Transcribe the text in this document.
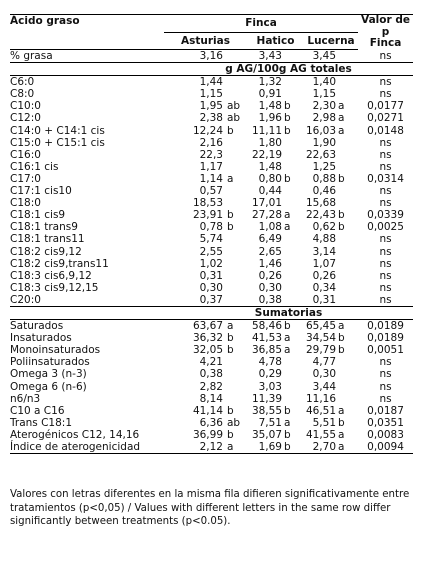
Ácido graso	Finca			Valor de
p
Finca

	Asturias	Hatico	Lucerna	
% grasa	3,16	3,43	3,45	ns
	g AG/100g AG totales			
C6:0	1,44	1,32	1,40	ns
C8:0	1,15	0,91	1,15	ns
C10:0	1,95 ab	1,48 b	2,30 a	0,0177
C12:0	2,38 ab	1,96 b	2,98 a	0,0271
C14:0 + C14:1 cis	12,24 b	11,11 b	16,03 a	0,0148
C15:0 + C15:1 cis	2,16	1,80	1,90	ns
C16:0	22,3	22,19	22,63	ns
C16:1 cis	1,17	1,48	1,25	ns
C17:0	1,14 a	0,80 b	0,88 b	0,0314
C17:1 cis10	0,57	0,44	0,46	ns
C18:0	18,53	17,01	15,68	ns
C18:1 cis9	23,91 b	27,28 a	22,43 b	0,0339
C18:1 trans9	0,78 b	1,08 a	0,62 b	0,0025
C18:1 trans11	5,74	6,49	4,88	ns
C18:2 cis9,12	2,55	2,65	3,14	ns
C18:2 cis9,trans11	1,02	1,46	1,07	ns
C18:3 cis6,9,12	0,31	0,26	0,26	ns
C18:3 cis9,12,15	0,30	0,30	0,34	ns
C20:0	0,37	0,38	0,31	ns
	Sumatorias			
Saturados	63,67 a	58,46 b	65,45 a	0,0189
Insaturados	36,32 b	41,53 a	34,54 b	0,0189
Monoinsaturados	32,05 b	36,85 a	29,79 b	0,0051
Poliinsaturados	4,21	4,78	4,77	ns
Omega 3 (n-3)	0,38	0,29	0,30	ns
Omega 6 (n-6)	2,82	3,03	3,44	ns
n6/n3	8,14	11,39	11,16	ns
C10 a C16	41,14 b	38,55 b	46,51 a	0,0187
Trans C18:1	6,36 ab	7,51 a	5,51 b	0,0351
Aterogénicos C12, 14,16	36,99 b	35,07 b	41,55 a	0,0083
Índice de aterogenicidad	2,12 a	1,69 b	2,70 a	0,0094
Valores con letras diferentes en la misma fila difieren significativamente entre tratamientos (p<0,05) / Values with different letters in the same row differ significantly between treatments (p<0.05).
